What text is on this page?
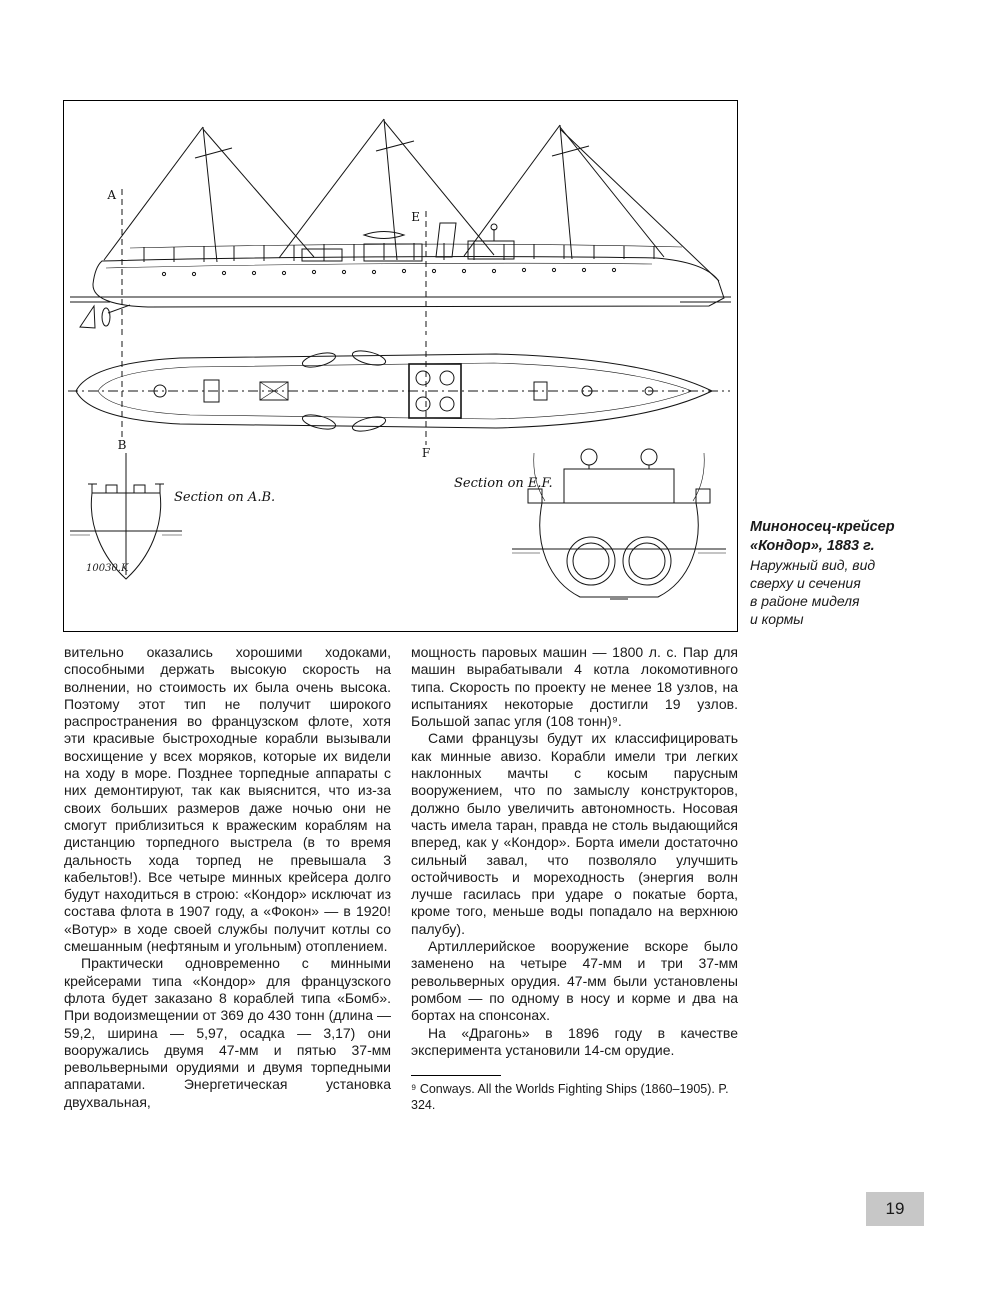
A
B
E
F
Section on A.B.
Section on E.F.
10030.K
Миноносец-крейсер
«Кондор», 1883 г.
Наружный вид, вид
сверху и сечения
в районе миделя
и кормы

вительно оказались хорошими ходоками, способными держать высокую скорость на волнении, но стоимость их была очень высока. Поэтому этот тип не получит широкого распространения во французском флоте, хотя эти красивые быстроходные корабли вызывали восхищение у всех моряков, которые их видели на ходу в море. Позднее торпедные аппараты с них демонтируют, так как выяснится, что из-за своих больших размеров даже ночью они не смогут приблизиться к вражеским кораблям на дистанцию торпедного выстрела (в то время дальность хода торпед не превышала 3 кабельтов!). Все четыре минных крейсера долго будут находиться в строю: «Кондор» исключат из состава флота в 1907 году, а «Фокон» — в 1920! «Вотур» в ходе своей службы получит котлы со смешанным (нефтяным и угольным) отоплением.

Практически одновременно с минными крейсерами типа «Кондор» для французского флота будет заказано 8 кораблей типа «Бомб». При водоизмещении от 369 до 430 тонн (длина — 59,2, ширина — 5,97, осадка — 3,17) они вооружались двумя 47-мм и пятью 37-мм револьверными орудиями и двумя торпедными аппаратами. Энергетическая установка двухвальная,

мощность паровых машин — 1800 л. с. Пар для машин вырабатывали 4 котла локомотивного типа. Скорость по проекту не менее 18 узлов, на испытаниях некоторые достигли 19 узлов. Большой запас угля (108 тонн)⁹.

Сами французы будут их классифицировать как минные авизо. Корабли имели три легких наклонных мачты с косым парусным вооружением, что по замыслу конструкторов, должно было увеличить автономность. Носовая часть имела таран, правда не столь выдающийся вперед, как у «Кондор». Борта имели достаточно сильный завал, что позволяло улучшить остойчивость и мореходность (энергия волн лучше гасилась при ударе о покатые борта, кроме того, меньше воды попадало на верхнюю палубу).

Артиллерийское вооружение вскоре было заменено на четыре 47-мм и три 37-мм револьверных орудия. 47-мм были установлены ромбом — по одному в носу и корме и два на бортах на спонсонах.

На «Драгонь» в 1896 году в качестве эксперимента установили 14-см орудие.

⁹ Conways. All the Worlds Fighting Ships (1860–1905). P. 324.

19
